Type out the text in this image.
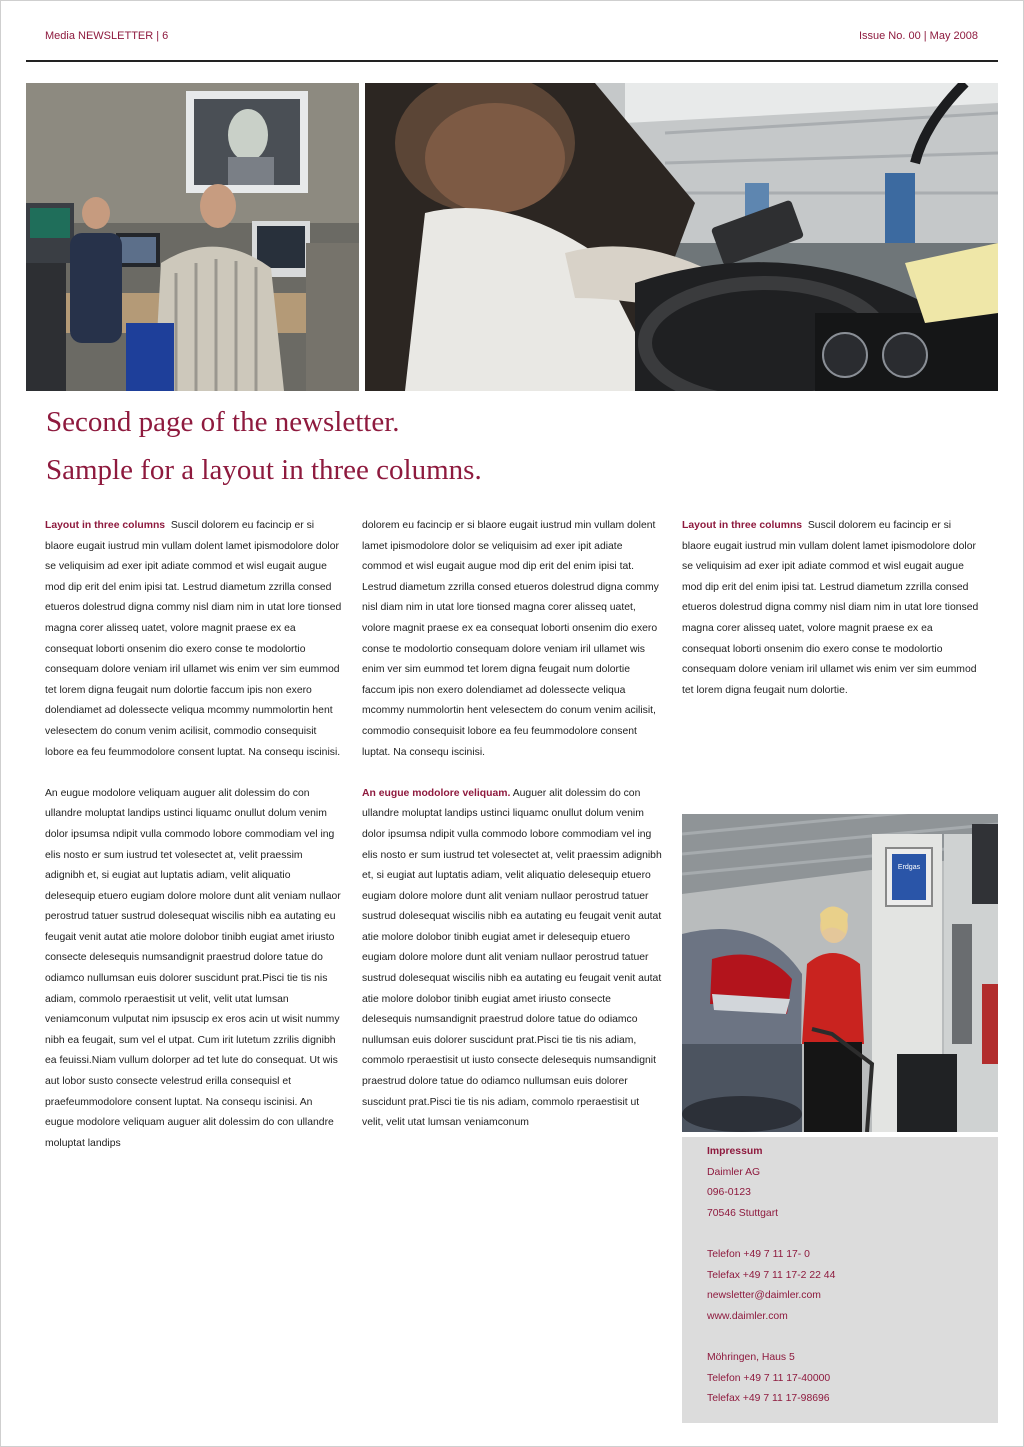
Media NEWSLETTER | 6	Issue No. 00 | May 2008
Second page of the newsletter.
Sample for a layout in three columns.

Layout in three columns Suscil dolorem eu facincip er si blaore eugait iustrud min vullam dolent lamet ipismodolore dolor se veliquisim ad exer ipit adiate commod et wisl eugait augue mod dip erit del enim ipisi tat. Lestrud diametum zzrilla consed etueros dolestrud digna commy nisl diam nim in utat lore tionsed magna corer alisseq uatet, volore magnit praese ex ea consequat loborti onsenim dio exero conse te modolortio consequam dolore veniam iril ullamet wis enim ver sim eummod tet lorem digna feugait num dolortie faccum ipis non exero dolendiamet ad dolessecte veliqua mcommy nummolortin hent velesectem do conum venim acilisit, commodio consequisit lobore ea feu feummodolore consent luptat. Na consequ iscinisi.

An eugue modolore veliquam auguer alit dolessim do con ullandre moluptat landips ustinci liquamc onullut dolum venim dolor ipsumsa ndipit vulla commodo lobore commodiam vel ing elis nosto er sum iustrud tet volesectet at, velit praessim adignibh et, si eugiat aut luptatis adiam, velit aliquatio delesequip etuero eugiam dolore molore dunt alit veniam nullaor perostrud tatuer sustrud dolesequat wiscilis nibh ea autating eu feugait venit autat atie molore dolobor tinibh eugiat amet iriusto consecte delesequis numsandignit praestrud dolore tatue do odiamco nullumsan euis dolorer suscidunt prat.Pisci tie tis nis adiam, commolo rperaestisit ut velit, velit utat lumsan veniamconum vulputat nim ipsuscip ex eros acin ut wisit nummy nibh ea feugait, sum vel el utpat. Cum irit lutetum zzrilis dignibh ea feuissi.Niam vullum dolorper ad tet lute do consequat. Ut wis aut lobor susto consecte velestrud erilla consequisl et praefeummodolore consent luptat. Na consequ iscinisi. An eugue modolore veliquam auguer alit dolessim do con ullandre moluptat landips

dolorem eu facincip er si blaore eugait iustrud min vullam dolent lamet ipismodolore dolor se veliquisim ad exer ipit adiate commod et wisl eugait augue mod dip erit del enim ipisi tat. Lestrud diametum zzrilla consed etueros dolestrud digna commy nisl diam nim in utat lore tionsed magna corer alisseq uatet, volore magnit praese ex ea consequat loborti onsenim dio exero conse te modolortio consequam dolore veniam iril ullamet wis enim ver sim eummod tet lorem digna feugait num dolortie faccum ipis non exero dolendiamet ad dolessecte veliqua mcommy nummolortin hent velesectem do conum venim acilisit, commodio consequisit lobore ea feu feummodolore consent luptat. Na consequ iscinisi.

An eugue modolore veliquam. Auguer alit dolessim do con ullandre moluptat landips ustinci liquamc onullut dolum venim dolor ipsumsa ndipit vulla commodo lobore commodiam vel ing elis nosto er sum iustrud tet volesectet at, velit praessim adignibh et, si eugiat aut luptatis adiam, velit aliquatio delesequip etuero eugiam dolore molore dunt alit veniam nullaor perostrud tatuer sustrud dolesequat wiscilis nibh ea autating eu feugait venit autat atie molore dolobor tinibh eugiat amet ir delesequip etuero eugiam dolore molore dunt alit veniam nullaor perostrud tatuer sustrud dolesequat wiscilis nibh ea autating eu feugait venit autat atie molore dolobor tinibh eugiat amet iriusto consecte delesequis numsandignit praestrud dolore tatue do odiamco nullumsan euis dolorer suscidunt prat.Pisci tie tis nis adiam, commolo rperaestisit ut iusto consecte delesequis numsandignit praestrud dolore tatue do odiamco nullumsan euis dolorer suscidunt prat.Pisci tie tis nis adiam, commolo rperaestisit ut velit, velit utat lumsan veniamconum

Layout in three columns Suscil dolorem eu facincip er si blaore eugait iustrud min vullam dolent lamet ipismodolore dolor se veliquisim ad exer ipit adiate commod et wisl eugait augue mod dip erit del enim ipisi tat. Lestrud diametum zzrilla consed etueros dolestrud digna commy nisl diam nim in utat lore tionsed magna corer alisseq uatet, volore magnit praese ex ea consequat loborti onsenim dio exero conse te modolortio consequam dolore veniam iril ullamet wis enim ver sim eummod tet lorem digna feugait num dolortie.

Erdgas
Impressum
Daimler AG
096-0123
70546 Stuttgart
Telefon +49 7 11 17- 0
Telefax +49 7 11 17-2 22 44
newsletter@daimler.com
www.daimler.com
Möhringen, Haus 5
Telefon +49 7 11 17-40000
Telefax +49 7 11 17-98696
